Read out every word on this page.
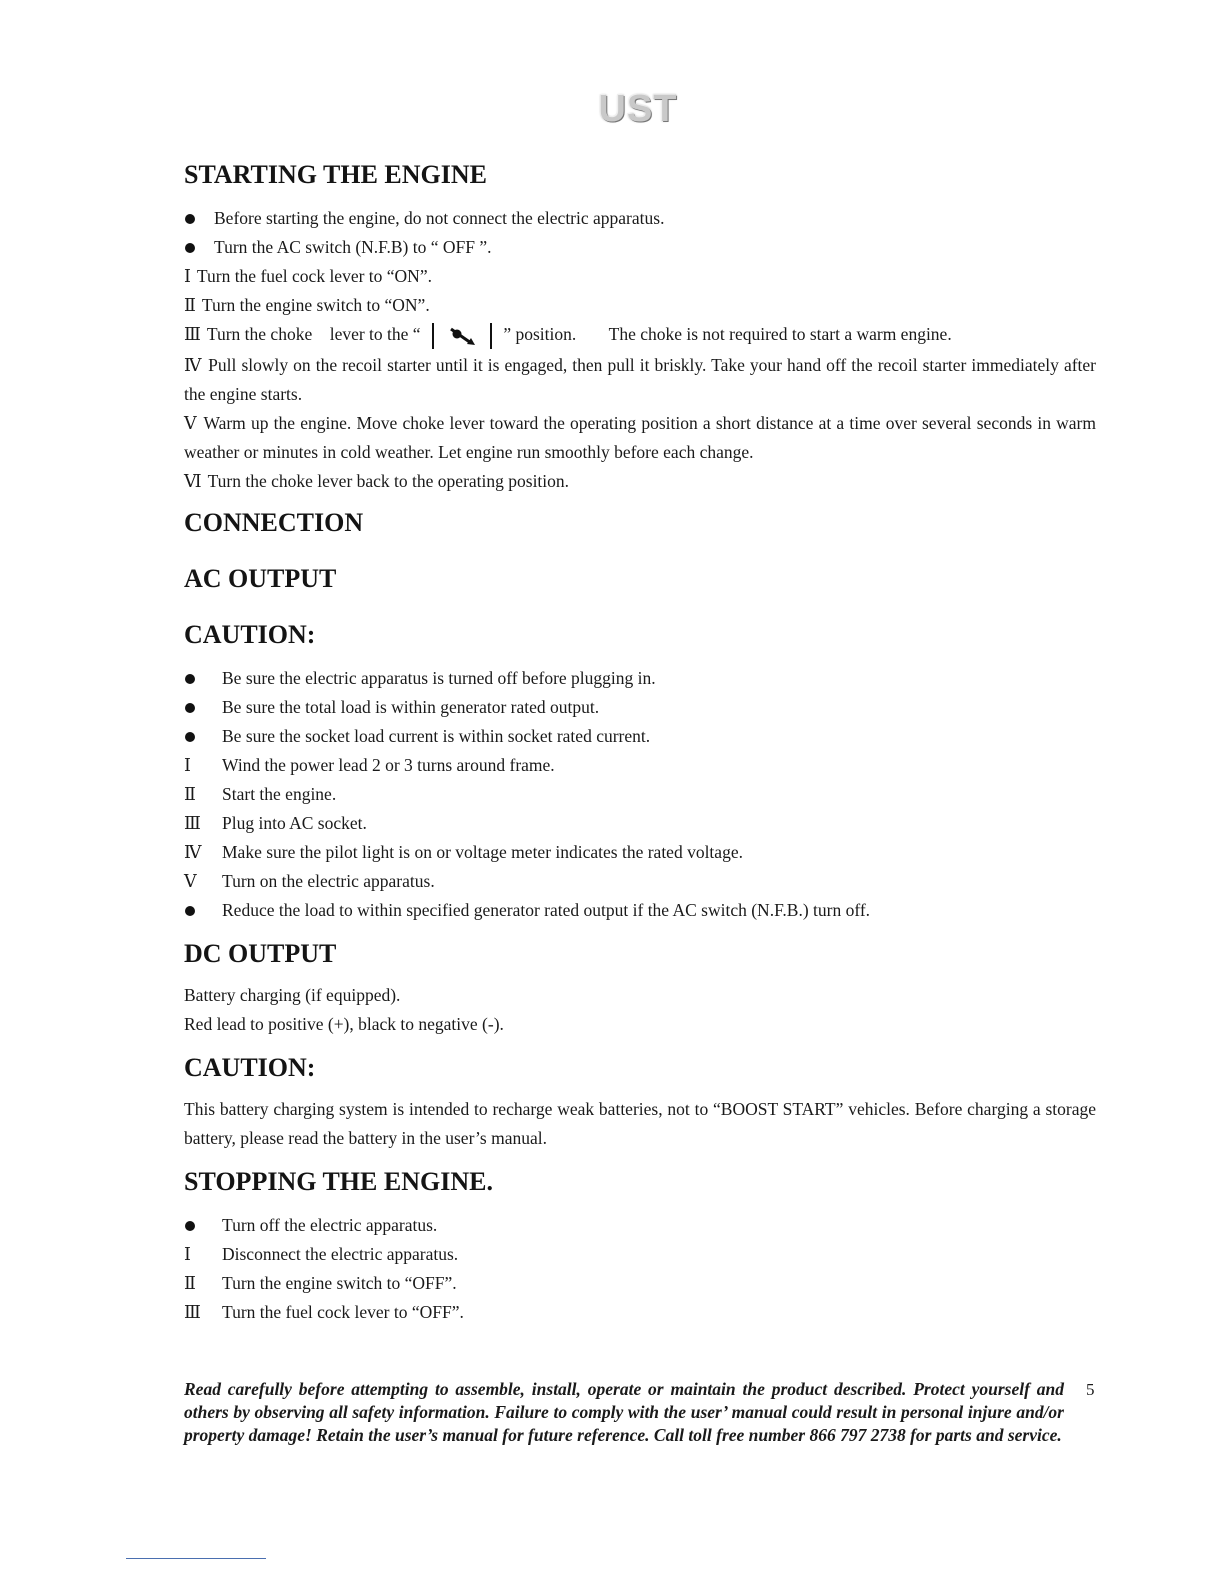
UST
STARTING THE ENGINE
Before starting the engine, do not connect the electric apparatus.
Turn the AC switch (N.F.B) to “ OFF ”.
Ⅰ Turn the fuel cock lever to “ON”.
Ⅱ Turn the engine switch to “ON”.
Ⅲ Turn the choke    lever to the “	” position. The choke is not required to start a warm engine.
Ⅳ Pull slowly on the recoil starter until it is engaged, then pull it briskly. Take your hand off the recoil starter immediately after the engine starts.
Ⅴ Warm up the engine. Move choke lever toward the operating position a short distance at a time over several seconds in warm weather or minutes in cold weather. Let engine run smoothly before each change.
Ⅵ Turn the choke lever back to the operating position.
CONNECTION
AC OUTPUT
CAUTION:
Be sure the electric apparatus is turned off before plugging in.
Be sure the total load is within generator rated output.
Be sure the socket load current is within socket rated current.
Ⅰ	Wind the power lead 2 or 3 turns around frame.
Ⅱ	Start the engine.
Ⅲ	Plug into AC socket.
Ⅳ	Make sure the pilot light is on or voltage meter indicates the rated voltage.
Ⅴ	Turn on the electric apparatus.
Reduce the load to within specified generator rated output if the AC switch (N.F.B.) turn off.
DC OUTPUT
Battery charging (if equipped).
Red lead to positive (+), black to negative (-).
CAUTION:
This battery charging system is intended to recharge weak batteries, not to “BOOST START” vehicles. Before charging a storage battery, please read the battery in the user’s manual.
STOPPING THE ENGINE.
Turn off the electric apparatus.
Ⅰ	Disconnect the electric apparatus.
Ⅱ	Turn the engine switch to “OFF”.
Ⅲ	Turn the fuel cock lever to “OFF”.
Read carefully before attempting to assemble, install, operate or maintain the product described. Protect yourself and others by observing all safety information. Failure to comply with the user’ manual could result in personal injure and/or property damage! Retain the user’s manual for future reference. Call toll free number 866 797 2738 for parts and service.
5
